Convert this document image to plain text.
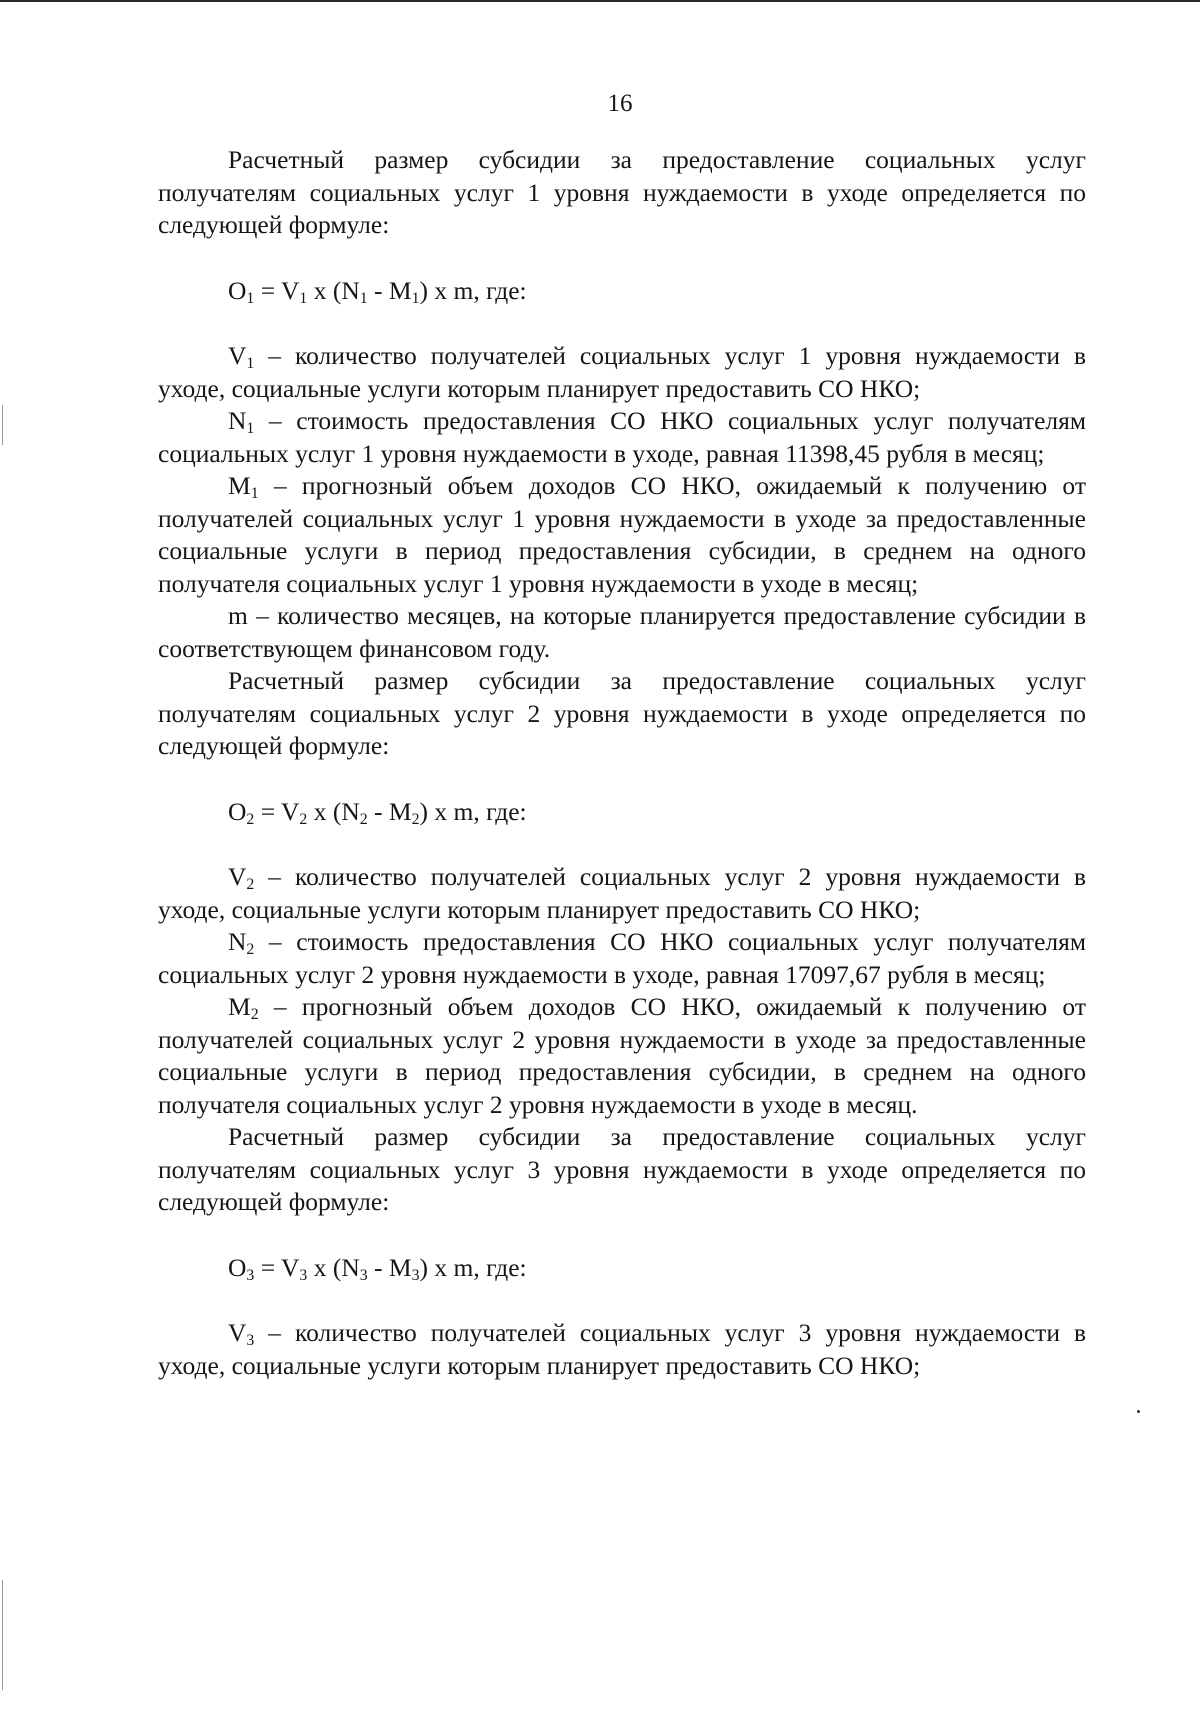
16

Расчетный размер субсидии за предоставление социальных услуг получателям социальных услуг 1 уровня нуждаемости в уходе определяется по следующей формуле:

$O_1 = V_1$ x $(N_1 - M_1)$ x m, где:

$V_1$ – количество получателей социальных услуг 1 уровня нуждаемости в уходе, социальные услуги которым планирует предоставить СО НКО;

$N_1$ – стоимость предоставления СО НКО социальных услуг получателям социальных услуг 1 уровня нуждаемости в уходе, равная 11398,45 рубля в месяц;

$M_1$ – прогнозный объем доходов СО НКО, ожидаемый к получению от получателей социальных услуг 1 уровня нуждаемости в уходе за предоставленные социальные услуги в период предоставления субсидии, в среднем на одного получателя социальных услуг 1 уровня нуждаемости в уходе в месяц;

m – количество месяцев, на которые планируется предоставление субсидии в соответствующем финансовом году.

Расчетный размер субсидии за предоставление социальных услуг получателям социальных услуг 2 уровня нуждаемости в уходе определяется по следующей формуле:

$O_2 = V_2$ x $(N_2 - M_2)$ x m, где:

$V_2$ – количество получателей социальных услуг 2 уровня нуждаемости в уходе, социальные услуги которым планирует предоставить СО НКО;

$N_2$ – стоимость предоставления СО НКО социальных услуг получателям социальных услуг 2 уровня нуждаемости в уходе, равная 17097,67 рубля в месяц;

$M_2$ – прогнозный объем доходов СО НКО, ожидаемый к получению от получателей социальных услуг 2 уровня нуждаемости в уходе за предоставленные социальные услуги в период предоставления субсидии, в среднем на одного получателя социальных услуг 2 уровня нуждаемости в уходе в месяц.

Расчетный размер субсидии за предоставление социальных услуг получателям социальных услуг 3 уровня нуждаемости в уходе определяется по следующей формуле:

$O_3 = V_3$ x $(N_3 - M_3)$ x m, где:

$V_3$ – количество получателей социальных услуг 3 уровня нуждаемости в уходе, социальные услуги которым планирует предоставить СО НКО;
